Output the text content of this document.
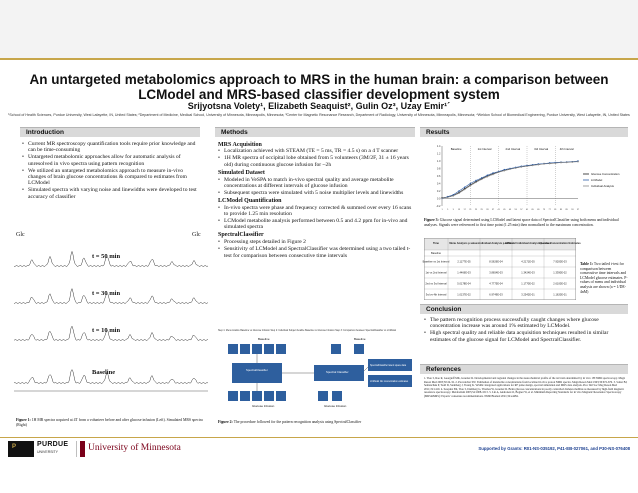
An untargeted metabolomics approach to MRS in the human brain: a comparison between LCModel and MRS-based classifier development system
Srijyotsna Volety¹, Elizabeth Seaquist², Gulin Oz³, Uzay Emir¹´
¹School of Health Sciences, Purdue University, West Lafayette, IN, United States; ²Department of Medicine, Medical School, University of Minnesota, Minneapolis, Minnesota; ³Center for Magnetic Resonance Research, Department of Radiology, University of Minnesota, Minneapolis, Minnesota; ⁴Weldon School of Biomedical Engineering, Purdue University, West Lafayette, IN, United States
Introduction	Methods	Results
Conclusion
References
• Current MR spectroscopy quantification tools require prior knowledge and can be time-consuming
• Untargeted metabolomic approaches allow for automatic analysis of unresolved in vivo spectra using pattern recognition
• We utilized an untargeted metabolomics approach to measure in-vivo changes of brain glucose concentrations & compared to estimates from LCModel
• Simulated spectra with varying noise and linewidths were developed to test accuracy of classifier
Glc	Glc
t = 50 min
t = 30 min
t = 10 min
Baseline
Figure 1: 1H MR spectra acquired at 4T from a volunteer before and after glucose infusion (Left). Simulated MRS spectra (Right)
MRS Acquisition
• Localization achieved with STEAM (TE = 5 ms, TR = 4.5 s) on a 4 T scanner
• 1H MR spectra of occipital lobe obtained from 5 volunteers (3M/2F, 31 ± 16 years old) during continuous glucose infusion for ~2h
Simulated Dataset
• Modeled in VeSPA to match in-vivo spectral quality and average metabolite concentrations at different intervals of glucose infusion
• Subsequent spectra were simulated with 5 noise multiplier levels and linewidths
LCModel Quantification
• In-vivo spectra were phase and frequency corrected & summed over every 16 scans to provide 1.25 min resolution
• LCModel metabolite analysis performed between 0.5 and 4.2 ppm for in-vivo and simulated spectra
SpectralClassifier
• Processing steps detailed in Figure 2
• Sensitivity of LCModel and SpectralClassifier was determined using a two tailed t-test for comparison between consecutive time intervals
Step 1: Menu Analize Baseline vs Glucose Infusion Step 2: Individual Subject Analize Baseline vs Glucose Infusion Step 3: Comparison between SpectralClassifier vs LCModel
Baseline	Baseline
SpectralClassifier	Spectral Classifier
SpectralClassifier latent space data
LCModel Glc concentration estimates
Glucose Infusion	Glucose Infusion
Figure 2: The procedure followed for the pattern recognition analysis using SpectralClassifier
-0.2
0.0
0.2
0.4
0.6
0.8
1.0
1.2
1.4
1	5	9	13	17	21	25	29	33	37	41	45	49	53	57	61	65	69	73	77	81	85	89	93	97
Baseline	1st Interval	2nd Interval	3rd Interval	4th Interval
Glucose Concentration
LCModel
Individual Analysis
Figure 3: Glucose signal determined using LCModel and latent space data of SpectralClassifier using both menu and individual analyses. Signals were referenced to first time point (1.25 min) then normalized to the maximum concentration.
Time	Menu Analysis p-values Individual Analysis p-values
LCModel Individual Analysis p-values
Glucose Concentration Estimates
Baseline
Baseline vs 1st Interval	2.1177E-05	8.5626E-04	4.2171E-05	7.9200E-03
1st vs 2nd Interval	1.4466E-03	3.8654E-03	1.3424E-03	1.3390E-02
2nd vs 3rd Interval	5.0178E-04	4.7775E-04	1.1770E-02	2.6100E-02
3rd vs 4th Interval	1.0137E-02	6.9749E-03	3.2542E-01	1.1620E-01
Table 1: Two tailed t-test for comparison between consecutive time intervals and LCModel glucose estimates. P-values of menu and individual analysis are shown (a = 1/DE-4nM)
• The pattern recognition process successfully caught changes where glucose concentration increase was around 1% estimated by LCModel.
• High spectral quality and reliable data acquisition techniques resulted in similar estimates of the glucose signal for LCModel and SpectralClassifier.
1. Tkac I, Rao R, Georgieff MK, Gruetter R. Developmental and regional changes in the neurochemical profile of the rat brain determined by in vivo 1H NMR spectroscopy. Magn Reson Med 2003;50:24-32. 2. Provencher SW. Estimation of metabolite concentrations from localized in vivo proton NMR spectra. Magn Reson Med 1993;30:672-679. 3. Soher BJ, Semanchuk P, Todd D, Steinberg J, Young K. VeSPA: integrated applications for RF pulse design, spectral simulation and MRS data analysis. Proc Intl Soc Mag Reson Med 2011;19:1410. 4. Seaquist ER, Tkac I, Damberg G, Thomas W, Gruetter R. Brain glucose concentrations in poorly controlled diabetes mellitus as measured by high-field magnetic resonance spectroscopy. Metabolism 2005;54:1008-1013. 5. Lin A, Andronesi O, Bogner W, et al. Minimum Reporting Standards for in vivo Magnetic Resonance Spectroscopy (MRSinMRS): Experts' consensus recommendations. NMR Biomed 2021;34:e4484.
P	PURDUE
UNIVERSITY	University of Minnesota	Supported by Grants: R01-NS-035192, P41-EB-027061, and P30-NS-076408
